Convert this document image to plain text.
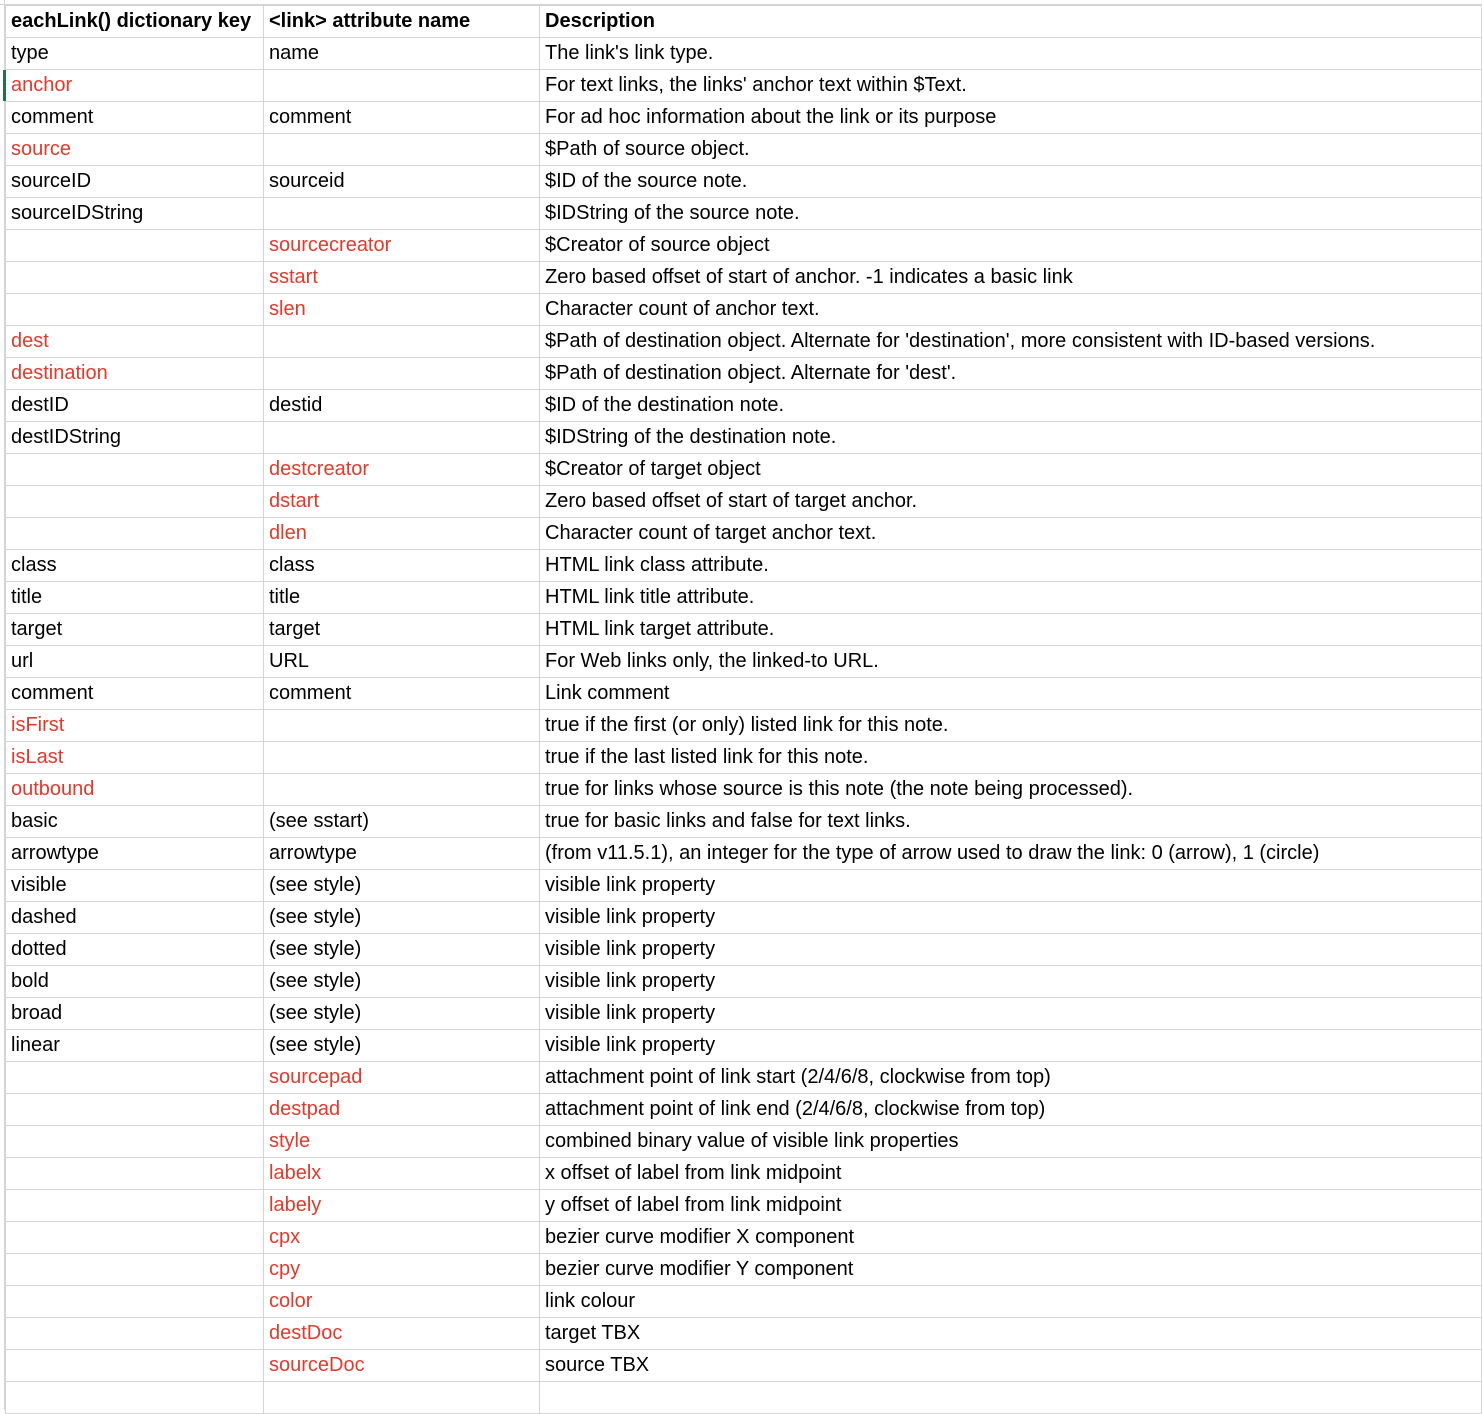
eachLink() dictionary key	<link> attribute name	Description
type	name	The link's link type.
anchor		For text links, the links' anchor text within $Text.
comment	comment	For ad hoc information about the link or its purpose
source		$Path of source object.
sourceID	sourceid	$ID of the source note.
sourceIDString		$IDString of the source note.
	sourcecreator	$Creator of source object
	sstart	Zero based offset of start of anchor. -1 indicates a basic link
	slen	Character count of anchor text.
dest		$Path of destination object. Alternate for 'destination', more consistent with ID-based versions.
destination		$Path of destination object. Alternate for 'dest'.
destID	destid	$ID of the destination note.
destIDString		$IDString of the destination note.
	destcreator	$Creator of target object
	dstart	Zero based offset of start of target anchor.
	dlen	Character count of target anchor text.
class	class	HTML link class attribute.
title	title	HTML link title attribute.
target	target	HTML link target attribute.
url	URL	For Web links only, the linked-to URL.
comment	comment	Link comment
isFirst		true if the first (or only) listed link for this note.
isLast		true if the last listed link for this note.
outbound		true for links whose source is this note (the note being processed).
basic	(see sstart)	true for basic links and false for text links.
arrowtype	arrowtype	(from v11.5.1), an integer for the type of arrow used to draw the link: 0 (arrow), 1 (circle)
visible	(see style)	visible link property
dashed	(see style)	visible link property
dotted	(see style)	visible link property
bold	(see style)	visible link property
broad	(see style)	visible link property
linear	(see style)	visible link property
	sourcepad	attachment point of link start (2/4/6/8, clockwise from top)
	destpad	attachment point of link end (2/4/6/8, clockwise from top)
	style	combined binary value of visible link properties
	labelx	x offset of label from link midpoint
	labely	y offset of label from link midpoint
	cpx	bezier curve modifier X component
	cpy	bezier curve modifier Y component
	color	link colour
	destDoc	target TBX
	sourceDoc	source TBX
